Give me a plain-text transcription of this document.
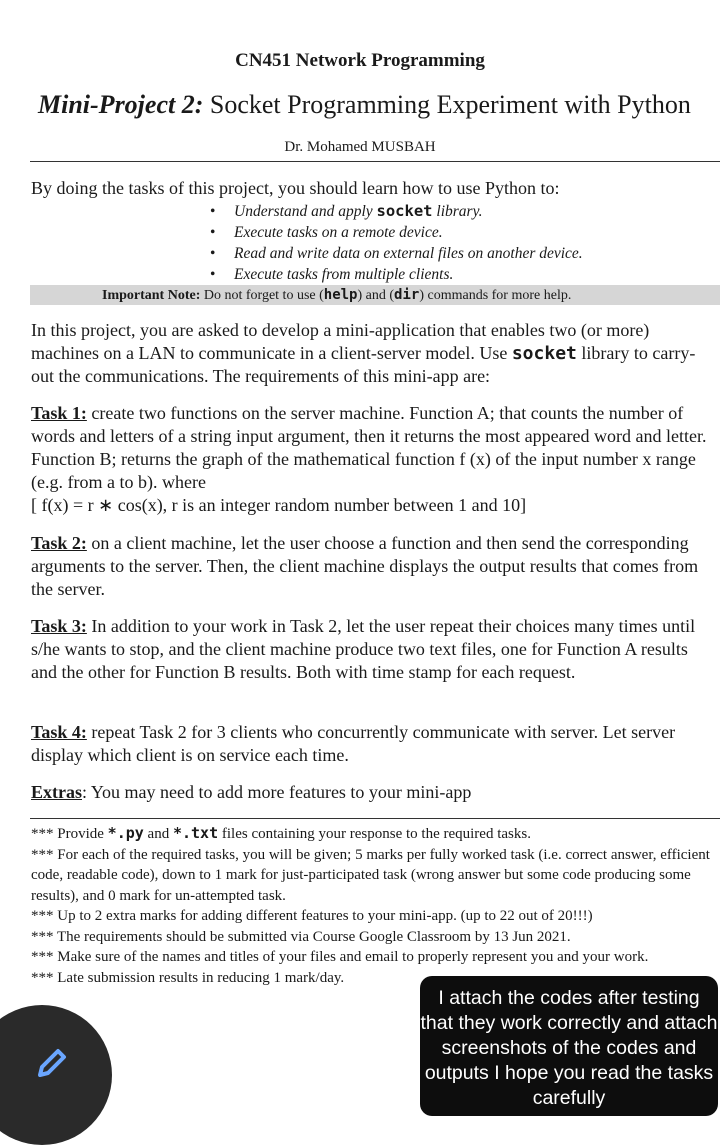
CN451 Network Programming
Mini-Project 2: Socket Programming Experiment with Python
Dr. Mohamed MUSBAH
By doing the tasks of this project, you should learn how to use Python to:
• Understand and apply socket library.
• Execute tasks on a remote device.
• Read and write data on external files on another device.
• Execute tasks from multiple clients.
Important Note: Do not forget to use (help) and (dir) commands for more help.
In this project, you are asked to develop a mini-application that enables two (or more) machines on a LAN to communicate in a client-server model. Use socket library to carry-out the communications. The requirements of this mini-app are:
Task 1: create two functions on the server machine. Function A; that counts the number of words and letters of a string input argument, then it returns the most appeared word and letter. Function B; returns the graph of the mathematical function f (x) of the input number x range (e.g. from a to b). where
[ f(x) = r ∗ cos(x), r is an integer random number between 1 and 10]
Task 2: on a client machine, let the user choose a function and then send the corresponding arguments to the server. Then, the client machine displays the output results that comes from the server.
Task 3: In addition to your work in Task 2, let the user repeat their choices many times until s/he wants to stop, and the client machine produce two text files, one for Function A results and the other for Function B results. Both with time stamp for each request.
Task 4: repeat Task 2 for 3 clients who concurrently communicate with server. Let server display which client is on service each time.
Extras: You may need to add more features to your mini-app
*** Provide *.py and *.txt files containing your response to the required tasks.
*** For each of the required tasks, you will be given; 5 marks per fully worked task (i.e. correct answer, efficient code, readable code), down to 1 mark for just-participated task (wrong answer but some code producing some results), and 0 mark for un-attempted task.
*** Up to 2 extra marks for adding different features to your mini-app. (up to 22 out of 20!!!)
*** The requirements should be submitted via Course Google Classroom by 13 Jun 2021.
*** Make sure of the names and titles of your files and email to properly represent you and your work.
*** Late submission results in reducing 1 mark/day.
I attach the codes after testing that they work correctly and attach screenshots of the codes and outputs I hope you read the tasks carefully
